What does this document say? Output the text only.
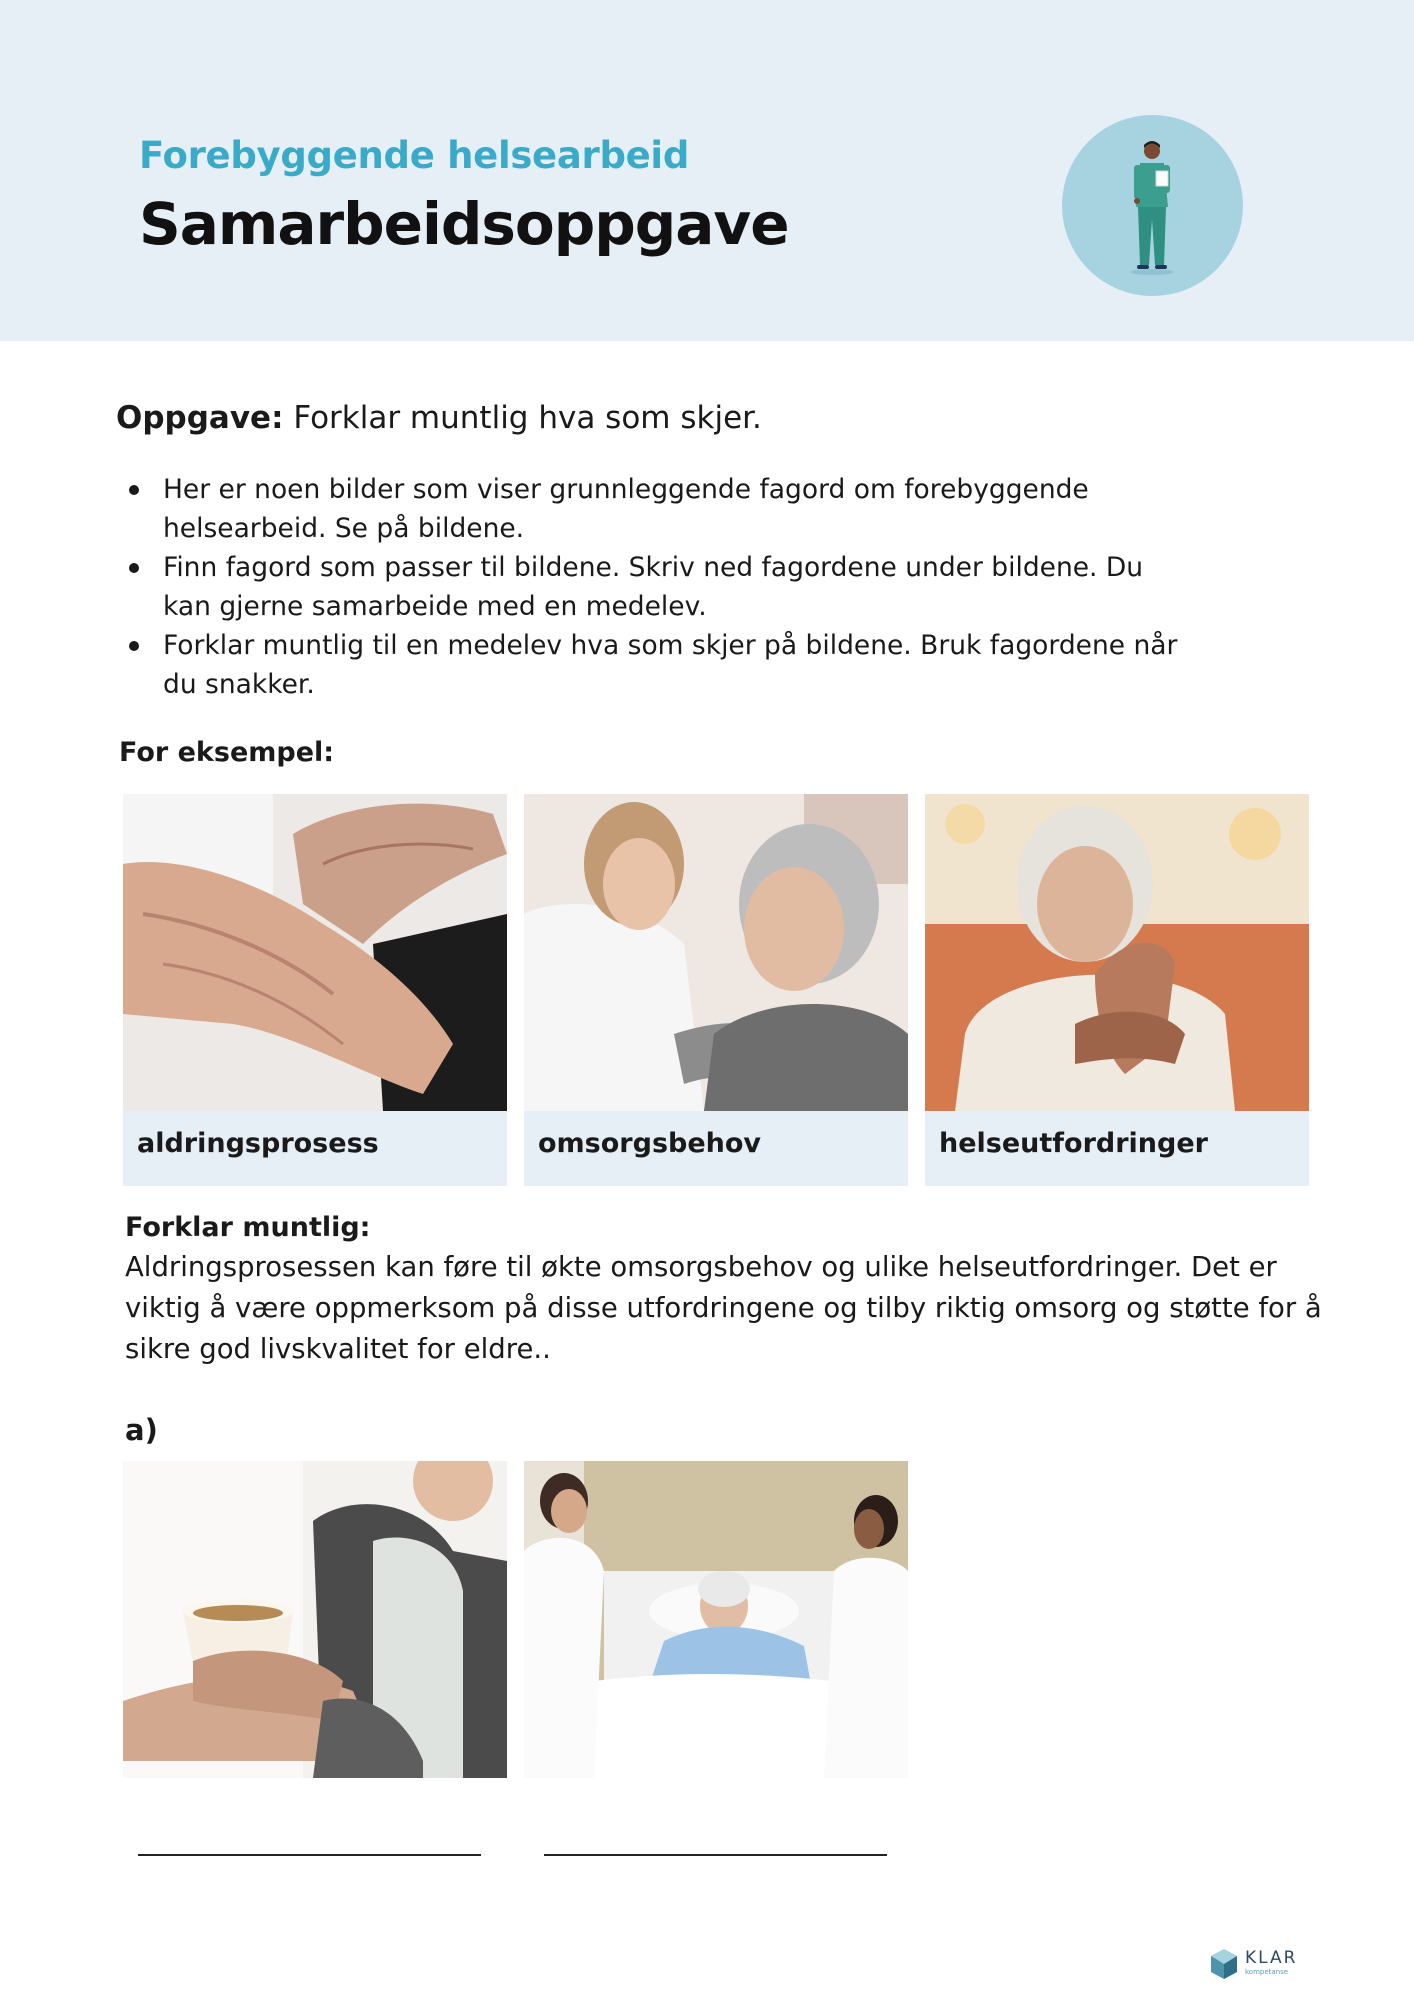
Forebyggende helsearbeid
Samarbeidsoppgave
Oppgave: Forklar muntlig hva som skjer.
Her er noen bilder som viser grunnleggende fagord om forebyggende helsearbeid. Se på bildene.
Finn fagord som passer til bildene. Skriv ned fagordene under bildene. Du kan gjerne samarbeide med en medelev.
Forklar muntlig til en medelev hva som skjer på bildene. Bruk fagordene når du snakker.
For eksempel:
aldringsprosess	omsorgsbehov	helseutfordringer
Forklar muntlig:
Aldringsprosessen kan føre til økte omsorgsbehov og ulike helseutfordringer. Det er viktig å være oppmerksom på disse utfordringene og tilby riktig omsorg og støtte for å sikre god livskvalitet for eldre..
a)
KLAR
kompetanse
